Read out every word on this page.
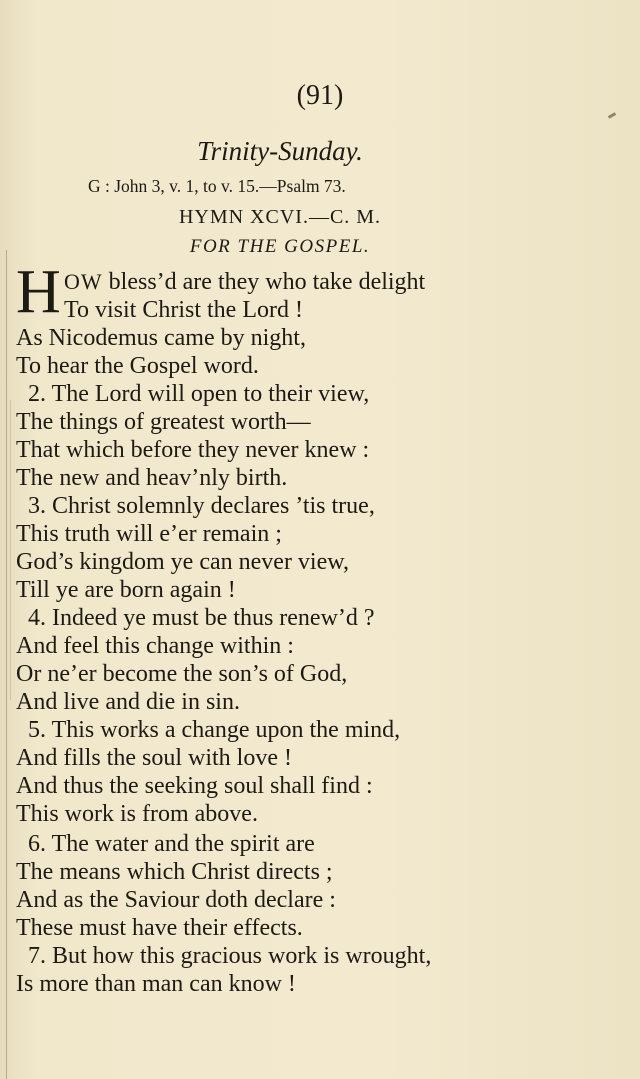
(91)
Trinity-Sunday.
G : John 3, v. 1, to v. 15.—Psalm 73.
HYMN XCVI.—C. M.
FOR THE GOSPEL.
H OW bless’d are they who take delight
To visit Christ the Lord !
As Nicodemus came by night,
To hear the Gospel word.
2. The Lord will open to their view,
The things of greatest worth—
That which before they never knew :
The new and heav’nly birth.
3. Christ solemnly declares ’tis true,
This truth will e’er remain ;
God’s kingdom ye can never view,
Till ye are born again !
4. Indeed ye must be thus renew’d ?
And feel this change within :
Or ne’er become the son’s of God,
And live and die in sin.
5. This works a change upon the mind,
And fills the soul with love !
And thus the seeking soul shall find :
This work is from above.
6. The water and the spirit are
The means which Christ directs ;
And as the Saviour doth declare :
These must have their effects.
7. But how this gracious work is wrought,
Is more than man can know !
